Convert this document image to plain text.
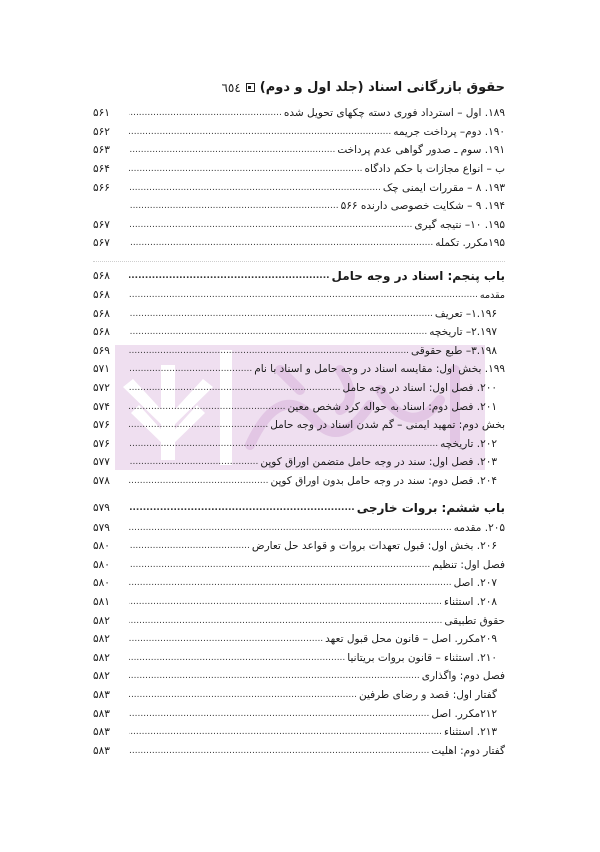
حقوق بازرگانی اسناد (جلد اول و دوم)
٦٥٤
۱۸۹. اول – استرداد فوری دسته چکهای تحویل شده
.....
۵۶۱
۱۹۰. دوم– پرداخت جریمه
.....
۵۶۲
۱۹۱. سوم ـ صدور گواهی عدم پرداخت
.....
۵۶۳
ب – انواع مجازات با حکم دادگاه
.....
۵۶۴
۱۹۳. ۸ – مقررات ایمنی چک
.....
۵۶۶
۱۹۴. ۹ – شکایت خصوصی دارنده ۵۶۶
.....
۱۹۵. ۱۰– نتیجه گیری
.....
۵۶۷
۱۹۵مکرر. تکمله
.....
۵۶۷
باب پنجم: اسناد در وجه حامل
.....
۵۶۸
مقدمه
.....
۵۶۸
۱.۱۹۶– تعریف
.....
۵۶۸
۲.۱۹۷– تاریخچه
.....
۵۶۸
۳.۱۹۸– طبع حقوقی
.....
۵۶۹
۱۹۹. بخش اول: مقایسه اسناد در وجه حامل و اسناد با نام
.....
۵۷۱
۲۰۰. فصل اول: اسناد در وجه حامل
.....
۵۷۲
۲۰۱. فصل دوم: اسناد به حواله کرد شخص معین
.....
۵۷۴
بخش دوم: تمهید ایمنی – گم شدن اسناد در وجه حامل
.....
۵۷۶
۲۰۲. تاریخچه
.....
۵۷۶
۲۰۳. فصل اول: سند در وجه حامل متضمن اوراق کوپن
.....
۵۷۷
۲۰۴. فصل دوم: سند در وجه حامل بدون اوراق کوپن
.....
۵۷۸
باب ششم: بروات خارجی
.....
۵۷۹
۲۰۵. مقدمه
.....
۵۷۹
۲۰۶. بخش اول: قبول تعهدات بروات و قواعد حل تعارض
.....
۵۸۰
فصل اول: تنظیم
.....
۵۸۰
۲۰۷. اصل
.....
۵۸۰
۲۰۸. استثناء
.....
۵۸۱
حقوق تطبیقی
.....
۵۸۲
۲۰۹مکرر. اصل – قانون محل قبول تعهد
.....
۵۸۲
۲۱۰. استثناء – قانون بروات بریتانیا
.....
۵۸۲
فصل دوم: واگذاری
.....
۵۸۲
گفتار اول: قصد و رضای طرفین
.....
۵۸۳
۲۱۲مکرر. اصل
.....
۵۸۳
۲۱۳. استثناء
.....
۵۸۳
گفتار دوم: اهلیت
.....
۵۸۳
